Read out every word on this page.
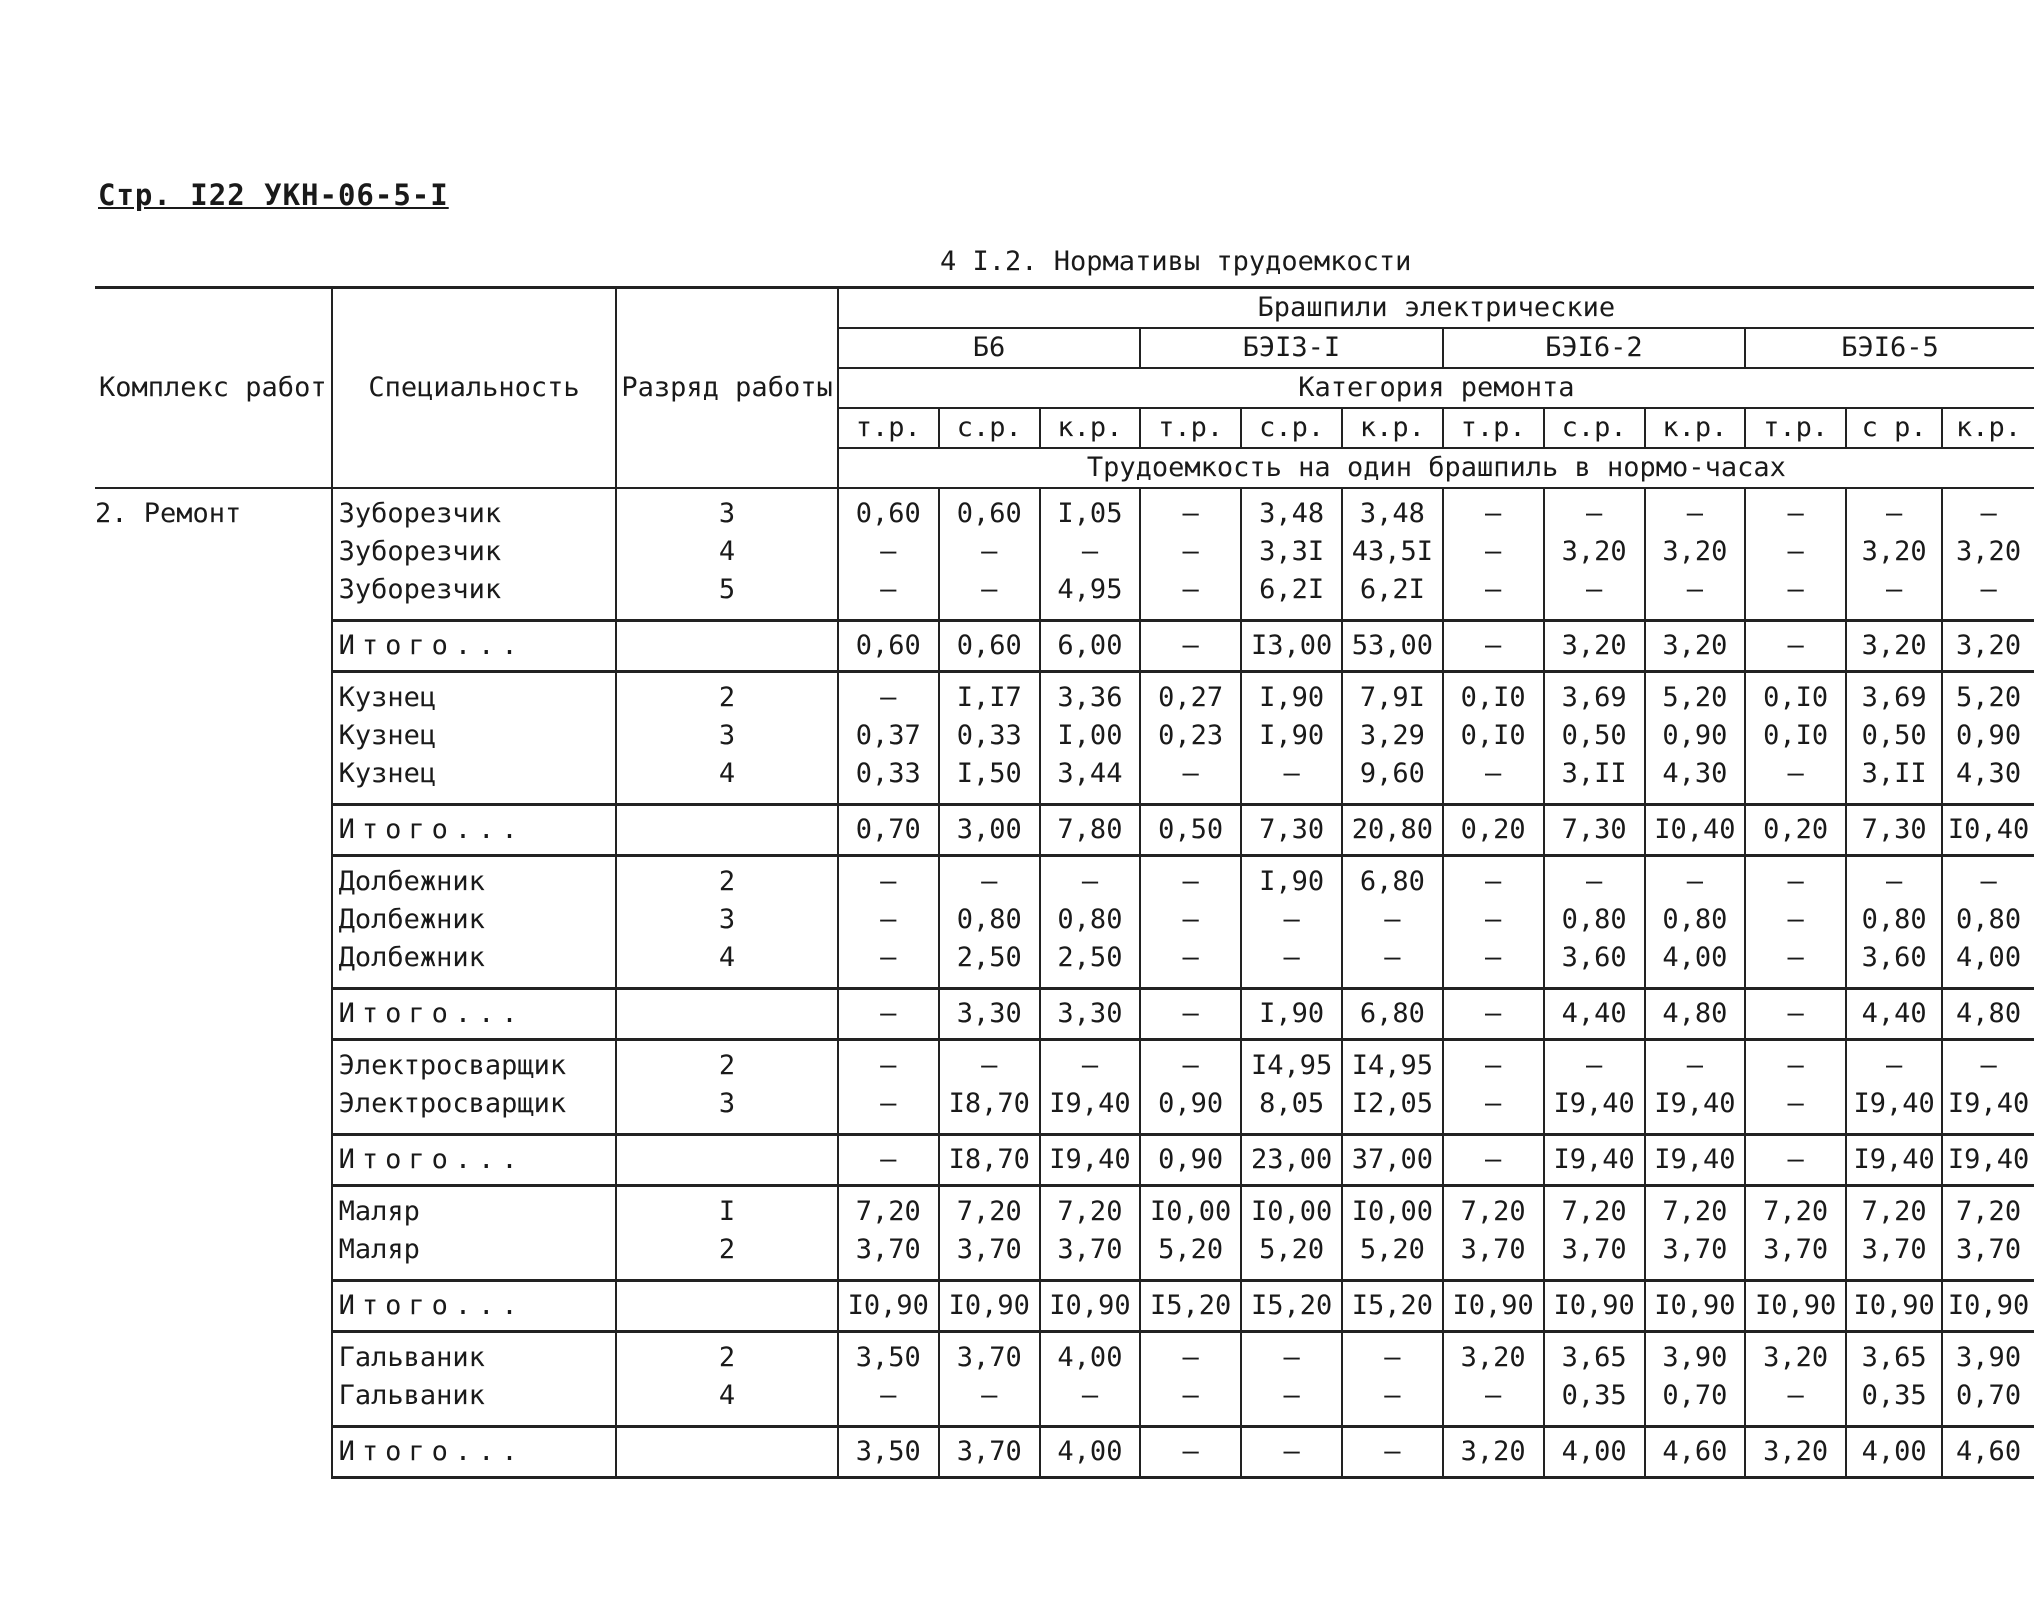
Стр. I22 УКН-06-5-I
4 I.2. Нормативы трудоемкости
Комплекс работ	Специальность	Разряд работы	Брашпили электрические											
			Б6			БЭI3-I			БЭI6-2			БЭI6-5		
			Категория ремонта											
			т.р.	с.р.	к.р.	т.р.	с.р.	к.р.	т.р.	с.р.	к.р.	т.р.	с р.	к.р.
			Трудоемкость на один брашпиль в нормо-часах											
2. Ремонт	Зуборезчик	3	0,60	0,60	I,05	–	3,48	3,48	–	–	–	–	–	–
	Зуборезчик	4	–	–	–	–	3,3I	43,5I	–	3,20	3,20	–	3,20	3,20
	Зуборезчик	5	–	–	4,95	–	6,2I	6,2I	–	–	–	–	–	–
	Итого...		0,60	0,60	6,00	–	I3,00	53,00	–	3,20	3,20	–	3,20	3,20
	Кузнец	2	–	I,I7	3,36	0,27	I,90	7,9I	0,I0	3,69	5,20	0,I0	3,69	5,20
	Кузнец	3	0,37	0,33	I,00	0,23	I,90	3,29	0,I0	0,50	0,90	0,I0	0,50	0,90
	Кузнец	4	0,33	I,50	3,44	–	–	9,60	–	3,II	4,30	–	3,II	4,30
	Итого...		0,70	3,00	7,80	0,50	7,30	20,80	0,20	7,30	I0,40	0,20	7,30	I0,40
	Долбежник	2	–	–	–	–	I,90	6,80	–	–	–	–	–	–
	Долбежник	3	–	0,80	0,80	–	–	–	–	0,80	0,80	–	0,80	0,80
	Долбежник	4	–	2,50	2,50	–	–	–	–	3,60	4,00	–	3,60	4,00
	Итого...		–	3,30	3,30	–	I,90	6,80	–	4,40	4,80	–	4,40	4,80
	Электросварщик	2	–	–	–	–	I4,95	I4,95	–	–	–	–	–	–
	Электросварщик	3	–	I8,70	I9,40	0,90	8,05	I2,05	–	I9,40	I9,40	–	I9,40	I9,40
	Итого...		–	I8,70	I9,40	0,90	23,00	37,00	–	I9,40	I9,40	–	I9,40	I9,40
	Маляр	I	7,20	7,20	7,20	I0,00	I0,00	I0,00	7,20	7,20	7,20	7,20	7,20	7,20
	Маляр	2	3,70	3,70	3,70	5,20	5,20	5,20	3,70	3,70	3,70	3,70	3,70	3,70
	Итого...		I0,90	I0,90	I0,90	I5,20	I5,20	I5,20	I0,90	I0,90	I0,90	I0,90	I0,90	I0,90
	Гальваник	2	3,50	3,70	4,00	–	–	–	3,20	3,65	3,90	3,20	3,65	3,90
	Гальваник	4	–	–	–	–	–	–	–	0,35	0,70	–	0,35	0,70
	Итого...		3,50	3,70	4,00	–	–	–	3,20	4,00	4,60	3,20	4,00	4,60
